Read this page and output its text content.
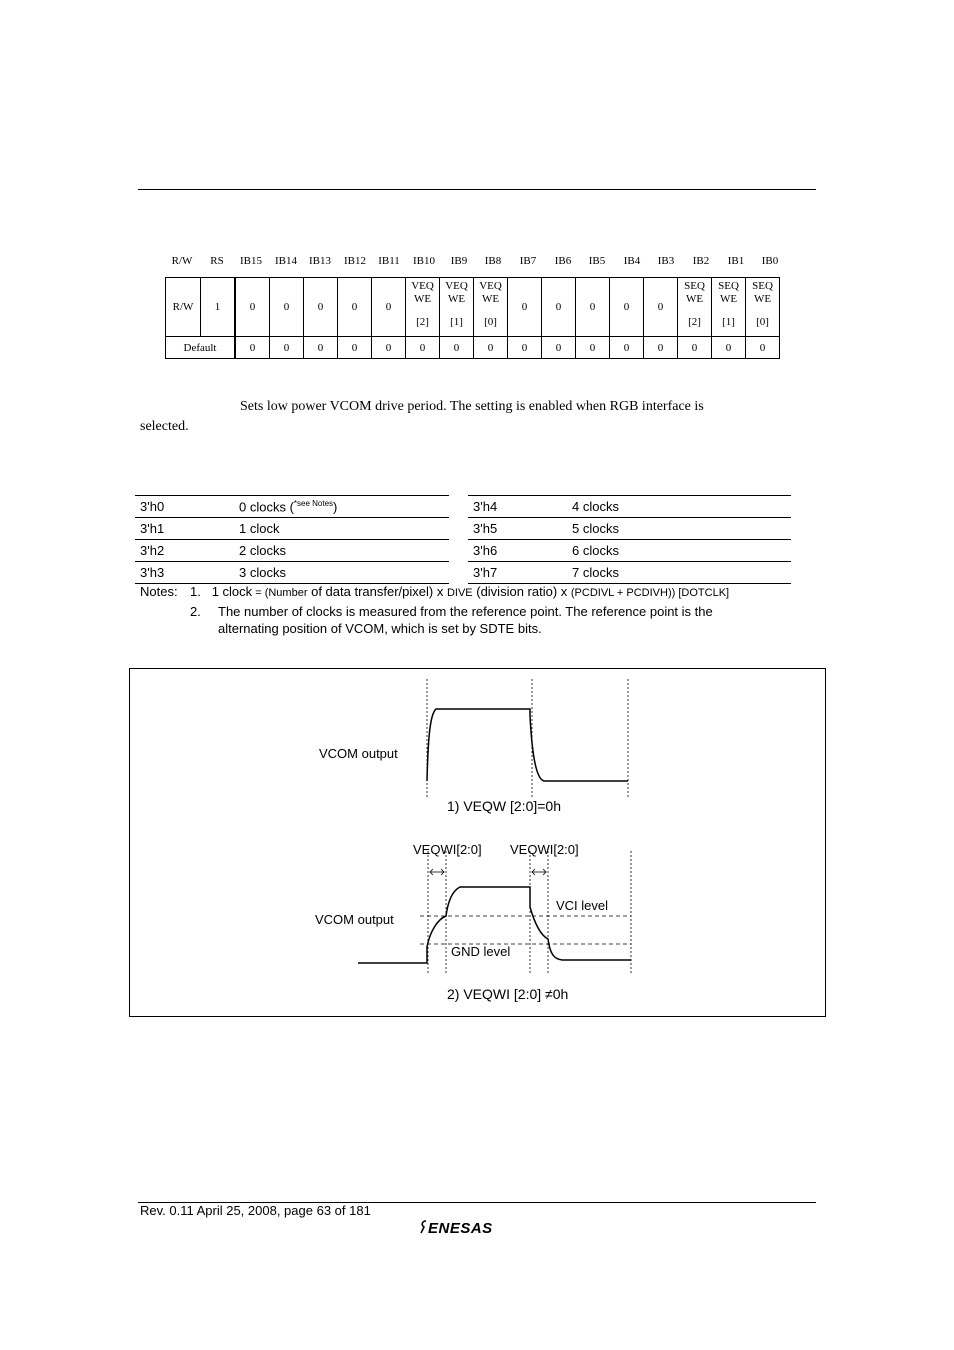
R/W	RS	IB15	IB14	IB13	IB12	IB11	IB10	IB9	IB8	IB7	IB6	IB5	IB4	IB3	IB2	IB1	IB0
R/W	1	0	0	0	0	0	VEQ
WE
[2]	VEQ
WE
[1]	VEQ
WE
[0]	0	0	0	0	0	SEQ
WE
[2]	SEQ
WE
[1]	SEQ
WE
[0]

Default		0	0	0	0	0	0	0	0	0	0	0	0	0	0	0	0
Sets low power VCOM drive period. The setting is enabled when RGB interface is
selected.
3'h0	0 clocks ($^{*see Notes}$)
3'h1	1 clock
3'h2	2 clocks
3'h3	3 clocks
3'h4	4 clocks
3'h5	5 clocks
3'h6	6 clocks
3'h7	7 clocks
Notes: 1. 1 clock = (Number of data transfer/pixel) x DIVE (division ratio) x (PCDIVL + PCDIVH)) [DOTCLK]
2. The number of clocks is measured from the reference point. The reference point is the
alternating position of VCOM, which is set by SDTE bits.
VCOM output
1) VEQW [2:0]=0h
VEQWI[2:0] VEQWI[2:0]
VCOM output
VCI level
GND level
2) VEQWI [2:0] ≠0h
Rev. 0.11 April 25, 2008, page 63 of 181
ENESAS
